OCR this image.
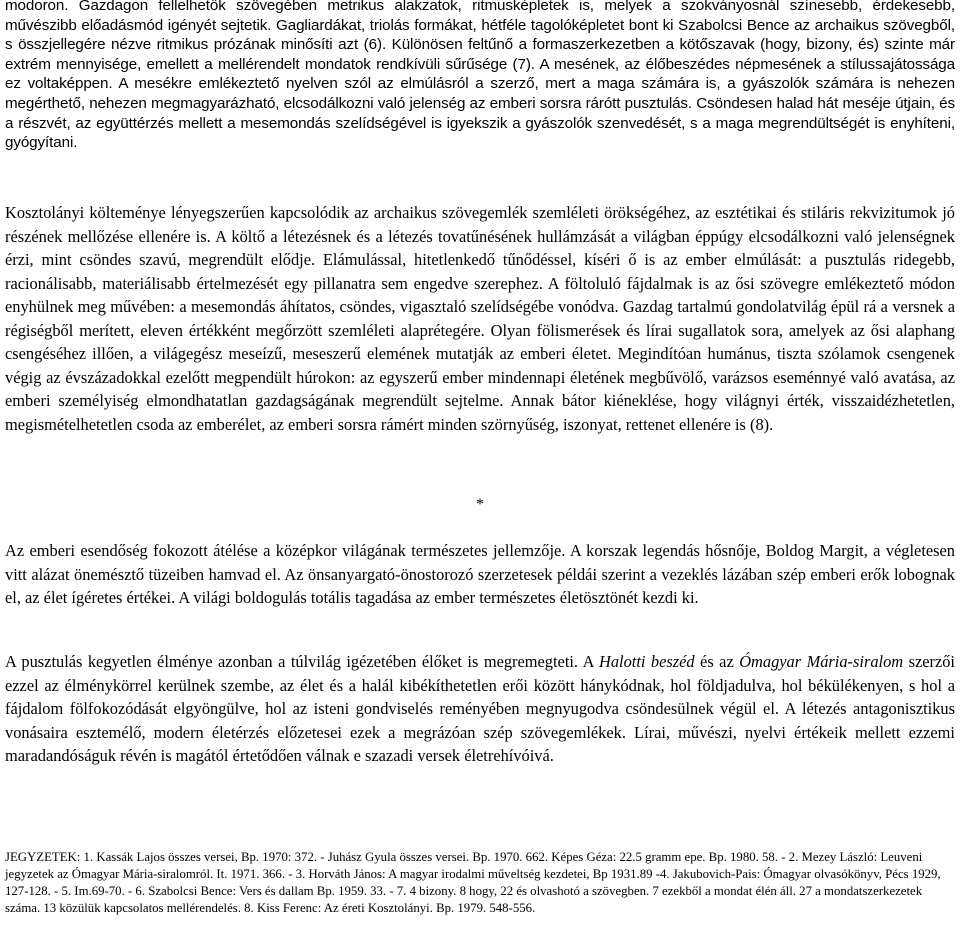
modoron. Gazdagon fellelhetők szövegében metrikus alakzatok, ritmusképletek is, melyek a szokványosnál színesebb, érdekesebb, művészibb előadásmód igényét sejtetik. Gagliardákat, triolás formákat, hétféle tagolóképletet bont ki Szabolcsi Bence az archaikus szövegből, s összjellegére nézve ritmikus prózának minősíti azt (6). Különösen feltűnő a formaszerkezetben a kötőszavak (hogy, bizony, és) szinte már extrém mennyisége, emellett a mellérendelt mondatok rendkívüli sűrűsége (7). A mesének, az élőbeszédes népmesének a stílussajátossága ez voltaképpen. A mesékre emlékeztető nyelven szól az elmúlásról a szerző, mert a maga számára is, a gyászolók számára is nehezen megérthető, nehezen megmagyarázható, elcsodálkozni való jelenség az emberi sorsra rárótt pusztulás. Csöndesen halad hát meséje útjain, és a részvét, az együttérzés mellett a mesemondás szelídségével is igyekszik a gyászolók szenvedését, s a maga megrendültségét is enyhíteni, gyógyítani.

Kosztolányi költeménye lényegszerűen kapcsolódik az archaikus szövegemlék szemléleti örökségéhez, az esztétikai és stiláris rekvizitumok jó részének mellőzése ellenére is. A költő a létezésnek és a létezés tovatűnésének hullámzását a világban éppúgy elcsodálkozni való jelenségnek érzi, mint csöndes szavú, megrendült elődje. Elámulással, hitetlenkedő tűnődéssel, kíséri ő is az ember elmúlását: a pusztulás ridegebb, racionálisabb, materiálisabb értelmezését egy pillanatra sem engedve szerephez. A föltoluló fájdalmak is az ősi szövegre emlékeztető módon enyhülnek meg művében: a mesemondás áhítatos, csöndes, vigasztaló szelídségébe vonódva. Gazdag tartalmú gondolatvilág épül rá a versnek a régiségből merített, eleven értékként megőrzött szemléleti alaprétegére. Olyan fölismerések és lírai sugallatok sora, amelyek az ősi alaphang csengéséhez illően, a világegész meseízű, meseszerű elemének mutatják az emberi életet. Megindítóan humánus, tiszta szólamok csengenek végig az évszázadokkal ezelőtt megpendült húrokon: az egyszerű ember mindennapi életének megbűvölő, varázsos eseménnyé való avatása, az emberi személyiség elmondhatatlan gazdagságának megrendült sejtelme. Annak bátor kiéneklése, hogy világnyi érték, visszaidézhetetlen, megismételhetetlen csoda az emberélet, az emberi sorsra rámért minden szörnyűség, iszonyat, rettenet ellenére is (8).

*

Az emberi esendőség fokozott átélése a középkor világának természetes jellemzője. A korszak legendás hősnője, Boldog Margit, a végletesen vitt alázat önemésztő tüzeiben hamvad el. Az önsanyargató-önostorozó szerzetesek példái szerint a vezeklés lázában szép emberi erők lobognak el, az élet ígéretes értékei. A világi boldogulás totális tagadása az ember természetes életösztönét kezdi ki.

A pusztulás kegyetlen élménye azonban a túlvilág igézetében élőket is megremegteti. A Halotti beszéd és az Ómagyar Mária-siralom szerzői ezzel az élménykörrel kerülnek szembe, az élet és a halál kibékíthetetlen erői között hánykódnak, hol földjadulva, hol békülékenyen, s hol a fájdalom fölfokozódását elgyöngülve, hol az isteni gondviselés reményében megnyugodva csöndesülnek végül el. A létezés antagonisztikus vonásaira esztemélő, modern életérzés előzetesei ezek a megrázóan szép szövegemlékek. Lírai, művészi, nyelvi értékeik mellett ezzemi maradandóságuk révén is magától értetődően válnak e szazadi versek életrehívóivá.

JEGYZETEK: 1. Kassák Lajos összes versei, Bp. 1970: 372. - Juhász Gyula összes versei. Bp. 1970. 662. Képes Géza: 22.5 gramm epe. Bp. 1980. 58. - 2. Mezey László: Leuveni jegyzetek az Ómagyar Mária-siralomról. It. 1971. 366. - 3. Horváth János: A magyar irodalmi műveltség kezdetei, Bp 1931.89 -4. Jakubovich-Pais: Ómagyar olvasókönyv, Pécs 1929, 127-128. - 5. Im.69-70. - 6. Szabolcsi Bence: Vers és dallam Bp. 1959. 33. - 7. 4 bizony. 8 hogy, 22 és olvashotó a szövegben. 7 ezekből a mondat élén áll. 27 a mondatszerkezetek száma. 13 közülük kapcsolatos mellérendelés. 8. Kiss Ferenc: Az éreti Kosztolányi. Bp. 1979. 548-556.
